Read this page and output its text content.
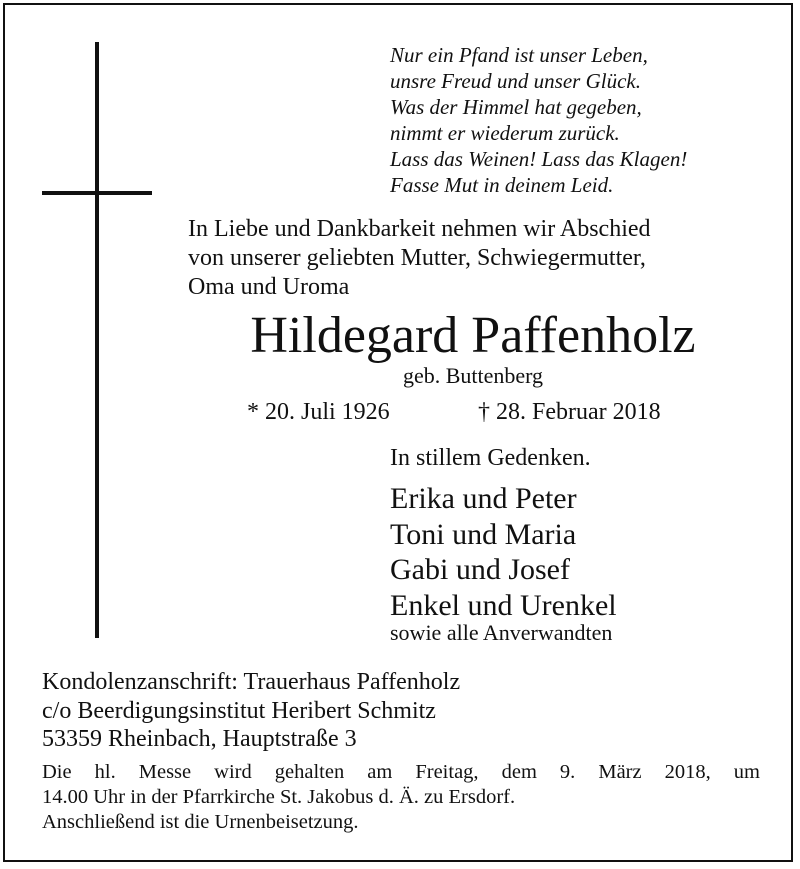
Nur ein Pfand ist unser Leben,
unsre Freud und unser Glück.
Was der Himmel hat gegeben,
nimmt er wiederum zurück.
Lass das Weinen! Lass das Klagen!
Fasse Mut in deinem Leid.
In Liebe und Dankbarkeit nehmen wir Abschied
von unserer geliebten Mutter, Schwiegermutter,
Oma und Uroma
Hildegard Paffenholz
geb. Buttenberg
* 20. Juli 1926	† 28. Februar 2018
In stillem Gedenken.
Erika und Peter
Toni und Maria
Gabi und Josef
Enkel und Urenkel
sowie alle Anverwandten
Kondolenzanschrift: Trauerhaus Paffenholz
c/o Beerdigungsinstitut Heribert Schmitz
53359 Rheinbach, Hauptstraße 3
Die hl. Messe wird gehalten am Freitag, dem 9. März 2018, um
14.00 Uhr in der Pfarrkirche St. Jakobus d. Ä. zu Ersdorf.
Anschließend ist die Urnenbeisetzung.
